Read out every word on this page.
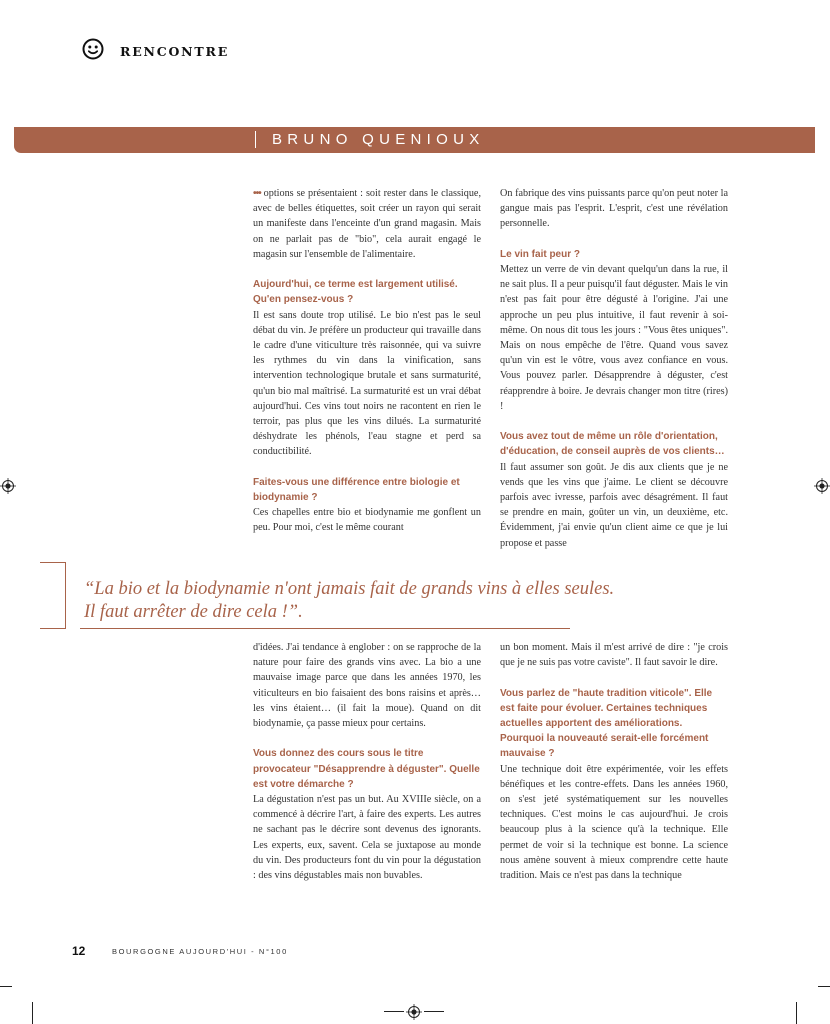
RENCONTRE
BRUNO QUENIOUX

••• options se présentaient : soit rester dans le classique, avec de belles étiquettes, soit créer un rayon qui serait un manifeste dans l'enceinte d'un grand magasin. Mais on ne parlait pas de "bio", cela aurait engagé le magasin sur l'ensemble de l'alimentaire.

Aujourd'hui, ce terme est largement utilisé. Qu'en pensez-vous ?

Il est sans doute trop utilisé. Le bio n'est pas le seul débat du vin. Je préfère un producteur qui travaille dans le cadre d'une viticulture très raisonnée, qui va suivre les rythmes du vin dans la vinification, sans intervention technologique brutale et sans surmaturité, qu'un bio mal maîtrisé. La surmaturité est un vrai débat aujourd'hui. Ces vins tout noirs ne racontent en rien le terroir, pas plus que les vins dilués. La surmaturité déshydrate les phénols, l'eau stagne et perd sa conductibilité.

Faites-vous une différence entre biologie et biodynamie ?

Ces chapelles entre bio et biodynamie me gonflent un peu. Pour moi, c'est le même courant

On fabrique des vins puissants parce qu'on peut noter la gangue mais pas l'esprit. L'esprit, c'est une révélation personnelle.

Le vin fait peur ?

Mettez un verre de vin devant quelqu'un dans la rue, il ne sait plus. Il a peur puisqu'il faut déguster. Mais le vin n'est pas fait pour être dégusté à l'origine. J'ai une approche un peu plus intuitive, il faut revenir à soi-même. On nous dit tous les jours : "Vous êtes uniques". Mais on nous empêche de l'être. Quand vous savez qu'un vin est le vôtre, vous avez confiance en vous. Vous pouvez parler. Désapprendre à déguster, c'est réapprendre à boire. Je devrais changer mon titre (rires) !

Vous avez tout de même un rôle d'orientation, d'éducation, de conseil auprès de vos clients…

Il faut assumer son goût. Je dis aux clients que je ne vends que les vins que j'aime. Le client se découvre parfois avec ivresse, parfois avec désagrément. Il faut se prendre en main, goûter un vin, un deuxième, etc. Évidemment, j'ai envie qu'un client aime ce que je lui propose et passe

“La bio et la biodynamie n'ont jamais fait de grands vins à elles seules.
Il faut arrêter de dire cela !”.

d'idées. J'ai tendance à englober : on se rapproche de la nature pour faire des grands vins avec. La bio a une mauvaise image parce que dans les années 1970, les viticulteurs en bio faisaient des bons raisins et après… les vins étaient… (il fait la moue). Quand on dit biodynamie, ça passe mieux pour certains.

Vous donnez des cours sous le titre provocateur "Désapprendre à déguster". Quelle est votre démarche ?

La dégustation n'est pas un but. Au XVIIIe siècle, on a commencé à décrire l'art, à faire des experts. Les autres ne sachant pas le décrire sont devenus des ignorants. Les experts, eux, savent. Cela se juxtapose au monde du vin. Des producteurs font du vin pour la dégustation : des vins dégustables mais non buvables.

un bon moment. Mais il m'est arrivé de dire : "je crois que je ne suis pas votre caviste". Il faut savoir le dire.

Vous parlez de "haute tradition viticole". Elle est faite pour évoluer. Certaines techniques actuelles apportent des améliorations. Pourquoi la nouveauté serait-elle forcément mauvaise ?

Une technique doit être expérimentée, voir les effets bénéfiques et les contre-effets. Dans les années 1960, on s'est jeté systématiquement sur les nouvelles techniques. C'est moins le cas aujourd'hui. Je crois beaucoup plus à la science qu'à la technique. Elle permet de voir si la technique est bonne. La science nous amène souvent à mieux comprendre cette haute tradition. Mais ce n'est pas dans la technique

12	BOURGOGNE AUJOURD'HUI - N°100
